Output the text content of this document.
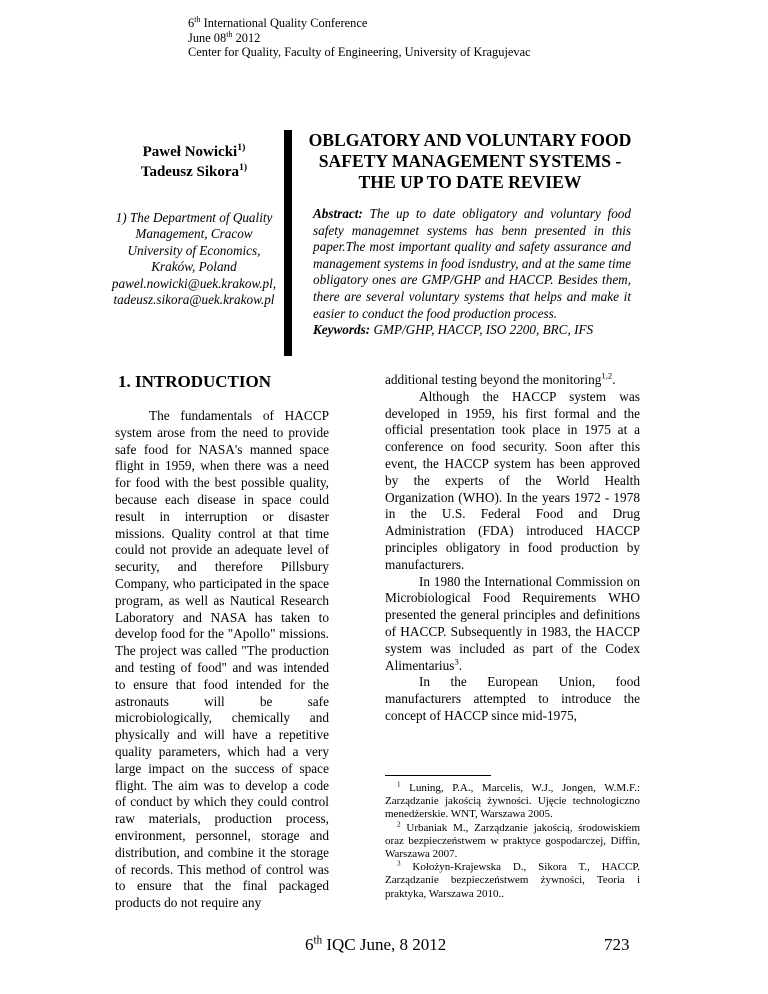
6th International Quality Conference
June 08th 2012
Center for Quality, Faculty of Engineering, University of Kragujevac
Paweł Nowicki$^{1)}$
Tadeusz Sikora$^{1)}$
1) The Department of Quality
Management, Cracow
University of Economics,
Kraków, Poland
pawel.nowicki@uek.krakow.pl,
tadeusz.sikora@uek.krakow.pl
OBLGATORY AND VOLUNTARY FOOD
SAFETY MANAGEMENT SYSTEMS -
THE UP TO DATE REVIEW
Abstract: The up to date obligatory and voluntary food safety managemnet systems has benn presented in this paper.The most important quality and safety assurance and management systems in food isndustry, and at the same time obligatory ones are GMP/GHP and HACCP. Besides them, there are several voluntary systems that helps and make it easier to conduct the food production process.
Keywords: GMP/GHP, HACCP, ISO 2200, BRC, IFS
1. INTRODUCTION

The fundamentals of HACCP system arose from the need to provide safe food for NASA's manned space flight in 1959, when there was a need for food with the best possible quality, because each disease in space could result in interruption or disaster missions. Quality control at that time could not provide an adequate level of security, and therefore Pillsbury Company, who participated in the space program, as well as Nautical Research Laboratory and NASA has taken to develop food for the "Apollo" missions. The project was called "The production and testing of food" and was intended to ensure that food intended for the astronauts will be safe microbiologically, chemically and physically and will have a repetitive quality parameters, which had a very large impact on the success of space flight. The aim was to develop a code of conduct by which they could control raw materials, production process, environment, personnel, storage and distribution, and combine it the storage of records. This method of control was to ensure that the final packaged products do not require any

additional testing beyond the monitoring$^{1,2}$.

Although the HACCP system was developed in 1959, his first formal and the official presentation took place in 1975 at a conference on food security. Soon after this event, the HACCP system has been approved by the experts of the World Health Organization (WHO). In the years 1972 - 1978 in the U.S. Federal Food and Drug Administration (FDA) introduced HACCP principles obligatory in food production by manufacturers.

In 1980 the International Commission on Microbiological Food Requirements WHO presented the general principles and definitions of HACCP. Subsequently in 1983, the HACCP system was included as part of the Codex Alimentarius$^3$.

In the European Union, food manufacturers attempted to introduce the concept of HACCP since mid-1975,

$^1$ Luning, P.A., Marcelis, W.J., Jongen, W.M.F.: Zarządzanie jakością żywności. Ujęcie technologiczno menedżerskie. WNT, Warszawa 2005.

$^2$ Urbaniak M., Zarządzanie jakością, środowiskiem oraz bezpieczeństwem w praktyce gospodarczej, Diffin, Warszawa 2007.

$^3$ Kołożyn-Krajewska D., Sikora T., HACCP. Zarządzanie bezpieczeństwem żywności, Teoria i praktyka, Warszawa 2010..

6th IQC June, 8 2012	723
